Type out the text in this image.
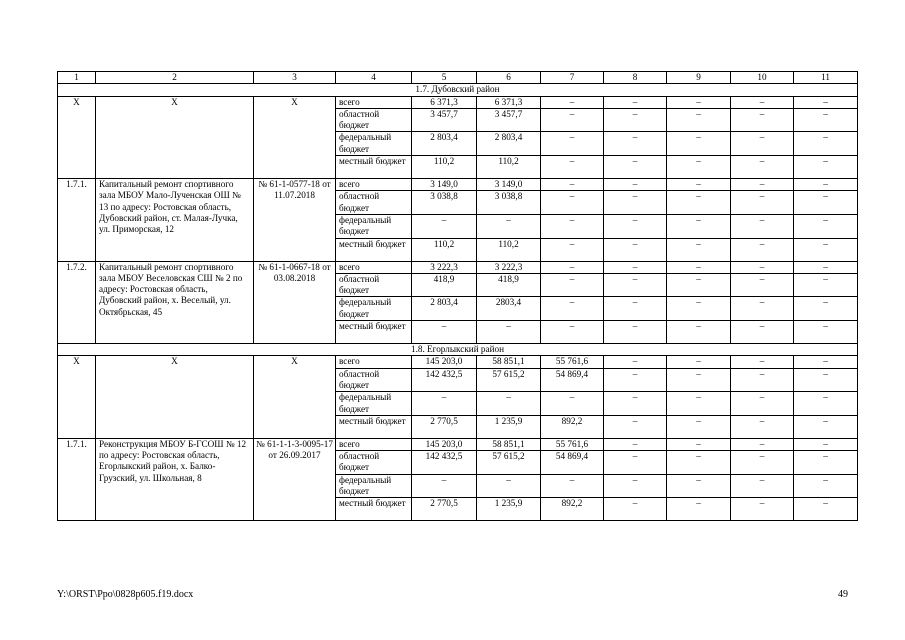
1	2	3	4	5	6	7	8	9	10	11
1.7. Дубовский район										
X	X	X	всего	6 371,3	6 371,3	–	–	–	–	–
			областной бюджет	3 457,7	3 457,7	–	–	–	–	–
			федеральный бюджет	2 803,4	2 803,4	–	–	–	–	–
			местный бюджет	110,2	110,2	–	–	–	–	–
1.7.1.	Капитальный ремонт спортивного зала МБОУ Мало-Лученская ОШ № 13 по адресу: Ростовская область, Дубовский район, ст. Малая-Лучка, ул. Приморская, 12	№ 61-1-0577-18 от 11.07.2018	всего	3 149,0	3 149,0	–	–	–	–	–
			областной бюджет	3 038,8	3 038,8	–	–	–	–	–
			федеральный бюджет	–	–	–	–	–	–	–
			местный бюджет	110,2	110,2	–	–	–	–	–
1.7.2.	Капитальный ремонт спортивного зала МБОУ Веселовская СШ № 2 по адресу: Ростовская область, Дубовский район, х. Веселый, ул. Октябрьская, 45	№ 61-1-0667-18 от 03.08.2018	всего	3 222,3	3 222,3	–	–	–	–	–
			областной бюджет	418,9	418,9	–	–	–	–	–
			федеральный бюджет	2 803,4	2803,4	–	–	–	–	–
			местный бюджет	–	–	–	–	–	–	–
1.8. Егорлыкский район										
X	X	X	всего	145 203,0	58 851,1	55 761,6	–	–	–	–
			областной бюджет	142 432,5	57 615,2	54 869,4	–	–	–	–
			федеральный бюджет	–	–	–	–	–	–	–
			местный бюджет	2 770,5	1 235,9	892,2	–	–	–	–
1.7.1.	Реконструкция МБОУ Б-ГСОШ № 12 по адресу: Ростовская область, Егорлыкский район, х. Балко-Грузский, ул. Школьная, 8	№ 61-1-1-3-0095-17 от 26.09.2017	всего	145 203,0	58 851,1	55 761,6	–	–	–	–
			областной бюджет	142 432,5	57 615,2	54 869,4	–	–	–	–
			федеральный бюджет	–	–	–	–	–	–	–
			местный бюджет	2 770,5	1 235,9	892,2	–	–	–	–
Y:\ORST\Ppo\0828p605.f19.docx	49
